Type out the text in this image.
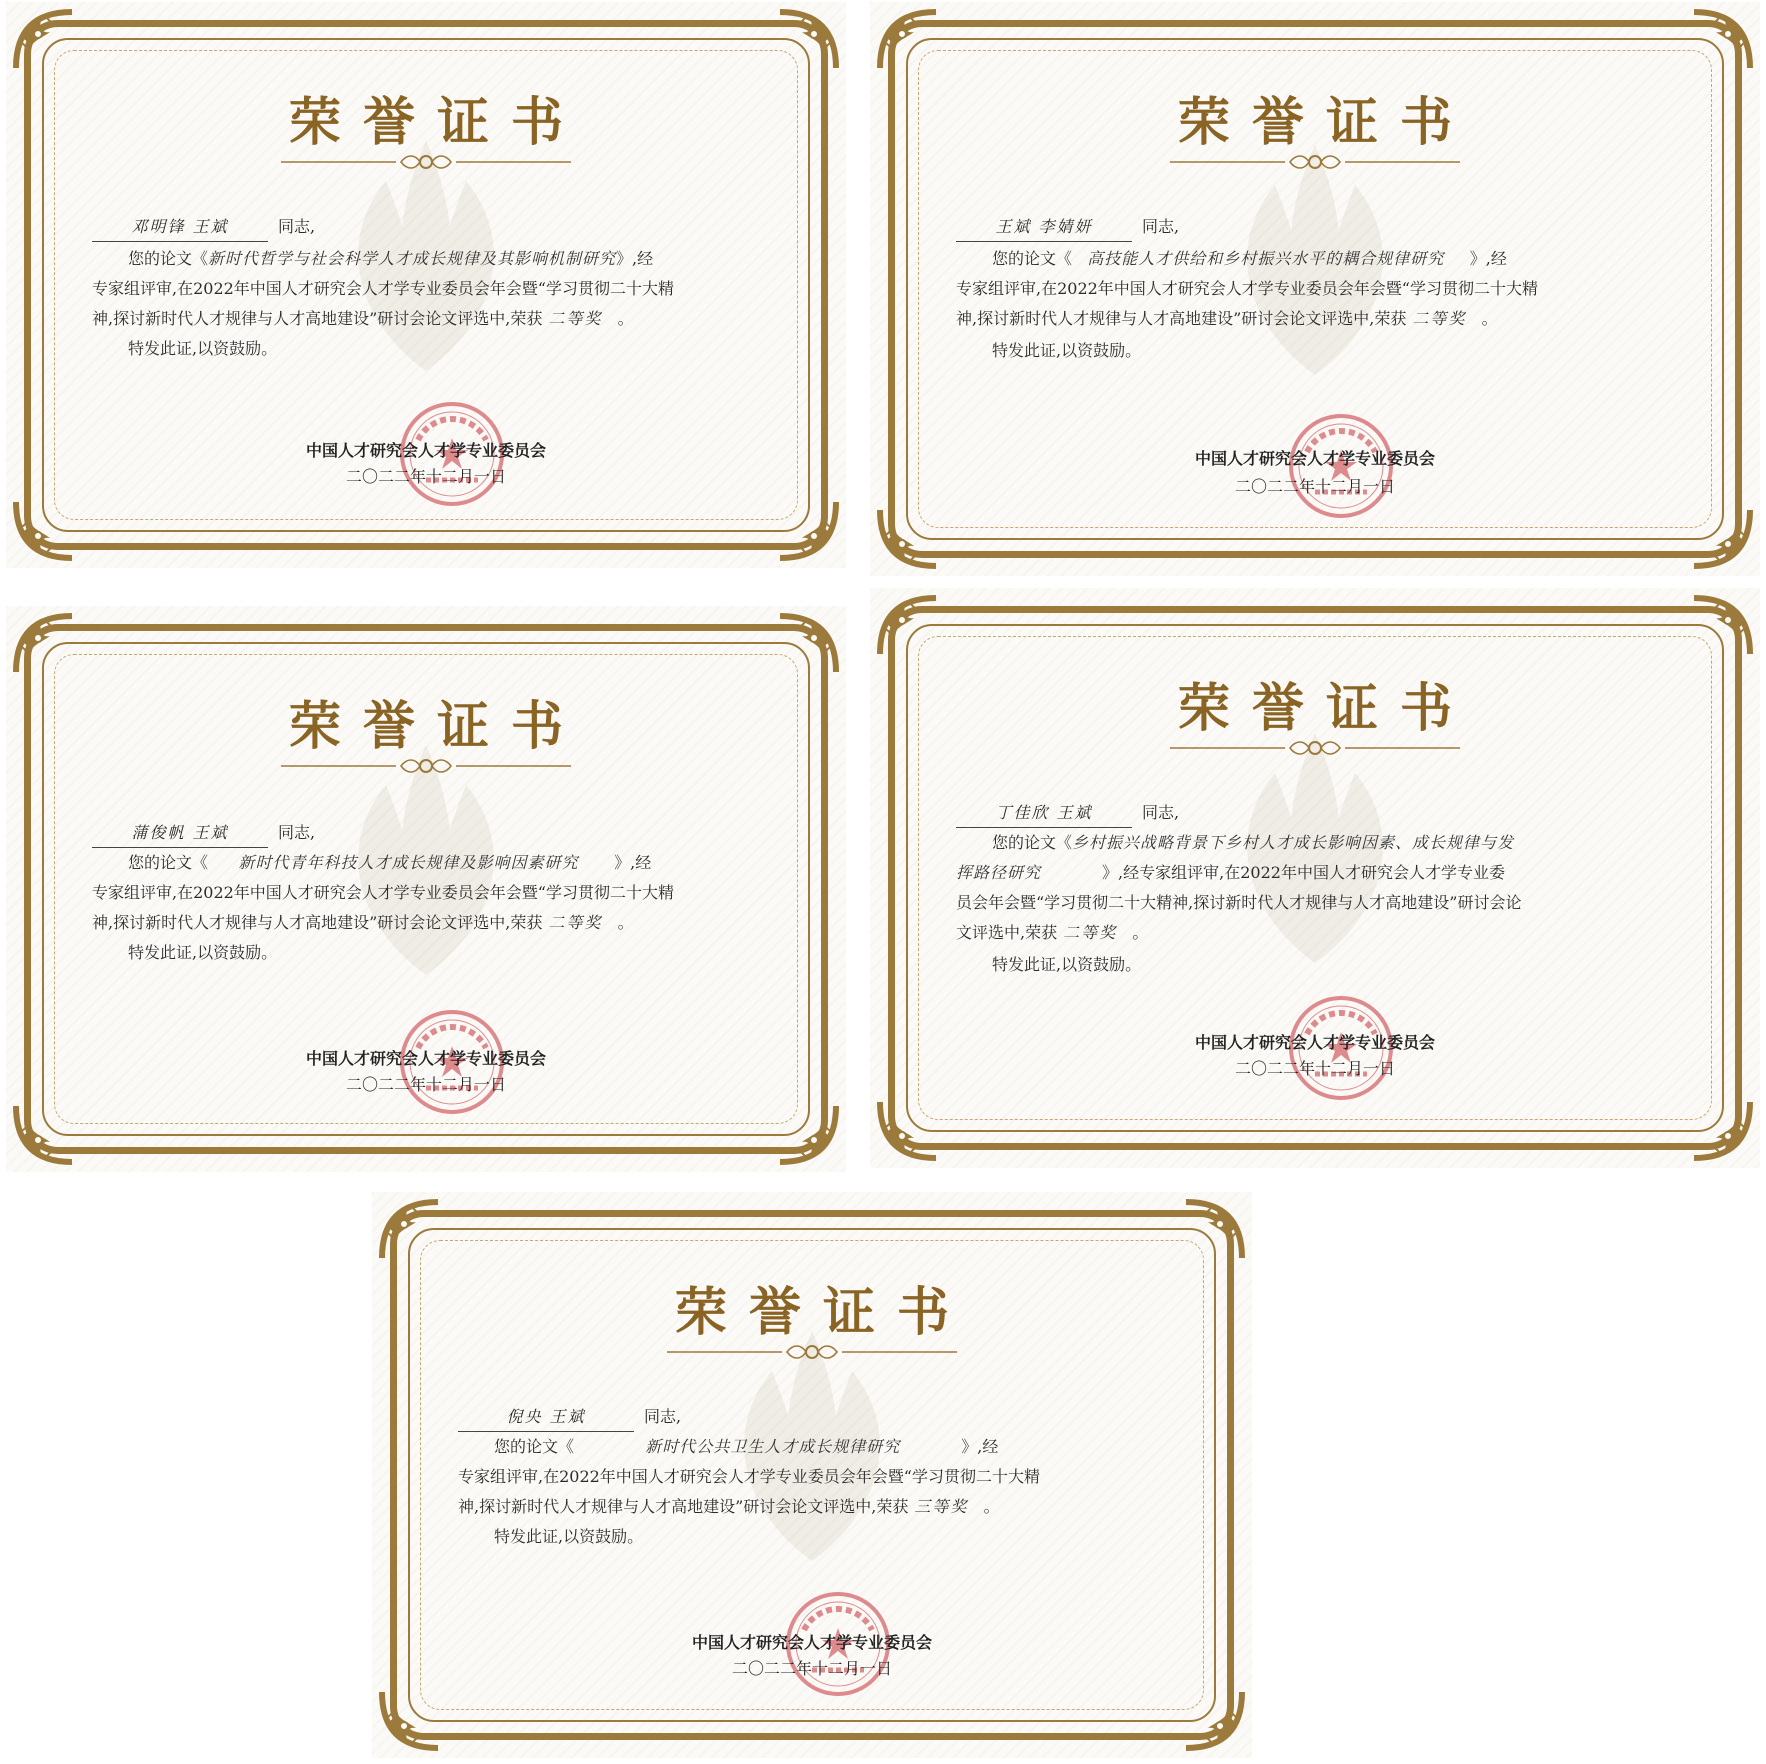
荣誉证书
邓明锋 王斌	同志,
您的论文《新时代哲学与社会科学人才成长规律及其影响机制研究》,经
专家组评审,在2022年中国人才研究会人才学专业委员会年会暨“学习贯彻二十大精
神,探讨新时代人才规律与人才高地建设”研讨会论文评选中,荣获 二等奖 。
特发此证,以资鼓励。
中国人才研究会人才学专业委员会
二〇二二年十二月一日
荣誉证书
王斌 李婧妍	同志,
您的论文《 高技能人才供给和乡村振兴水平的耦合规律研究 》,经
专家组评审,在2022年中国人才研究会人才学专业委员会年会暨“学习贯彻二十大精
神,探讨新时代人才规律与人才高地建设”研讨会论文评选中,荣获 二等奖 。
特发此证,以资鼓励。
中国人才研究会人才学专业委员会
二〇二二年十二月一日
荣誉证书
蒲俊帆 王斌	同志,
您的论文《 新时代青年科技人才成长规律及影响因素研究 》,经
专家组评审,在2022年中国人才研究会人才学专业委员会年会暨“学习贯彻二十大精
神,探讨新时代人才规律与人才高地建设”研讨会论文评选中,荣获 二等奖 。
特发此证,以资鼓励。
中国人才研究会人才学专业委员会
二〇二二年十二月一日
荣誉证书
丁佳欣 王斌	同志,
您的论文《乡村振兴战略背景下乡村人才成长影响因素、成长规律与发
挥路径研究	》,经专家组评审,在2022年中国人才研究会人才学专业委
员会年会暨“学习贯彻二十大精神,探讨新时代人才规律与人才高地建设”研讨会论
文评选中,荣获 二等奖 。
特发此证,以资鼓励。
中国人才研究会人才学专业委员会
二〇二二年十二月一日
荣誉证书
倪央 王斌	同志,
您的论文《	新时代公共卫生人才成长规律研究	》,经
专家组评审,在2022年中国人才研究会人才学专业委员会年会暨“学习贯彻二十大精
神,探讨新时代人才规律与人才高地建设”研讨会论文评选中,荣获 三等奖 。
特发此证,以资鼓励。
中国人才研究会人才学专业委员会
二〇二二年十二月一日
